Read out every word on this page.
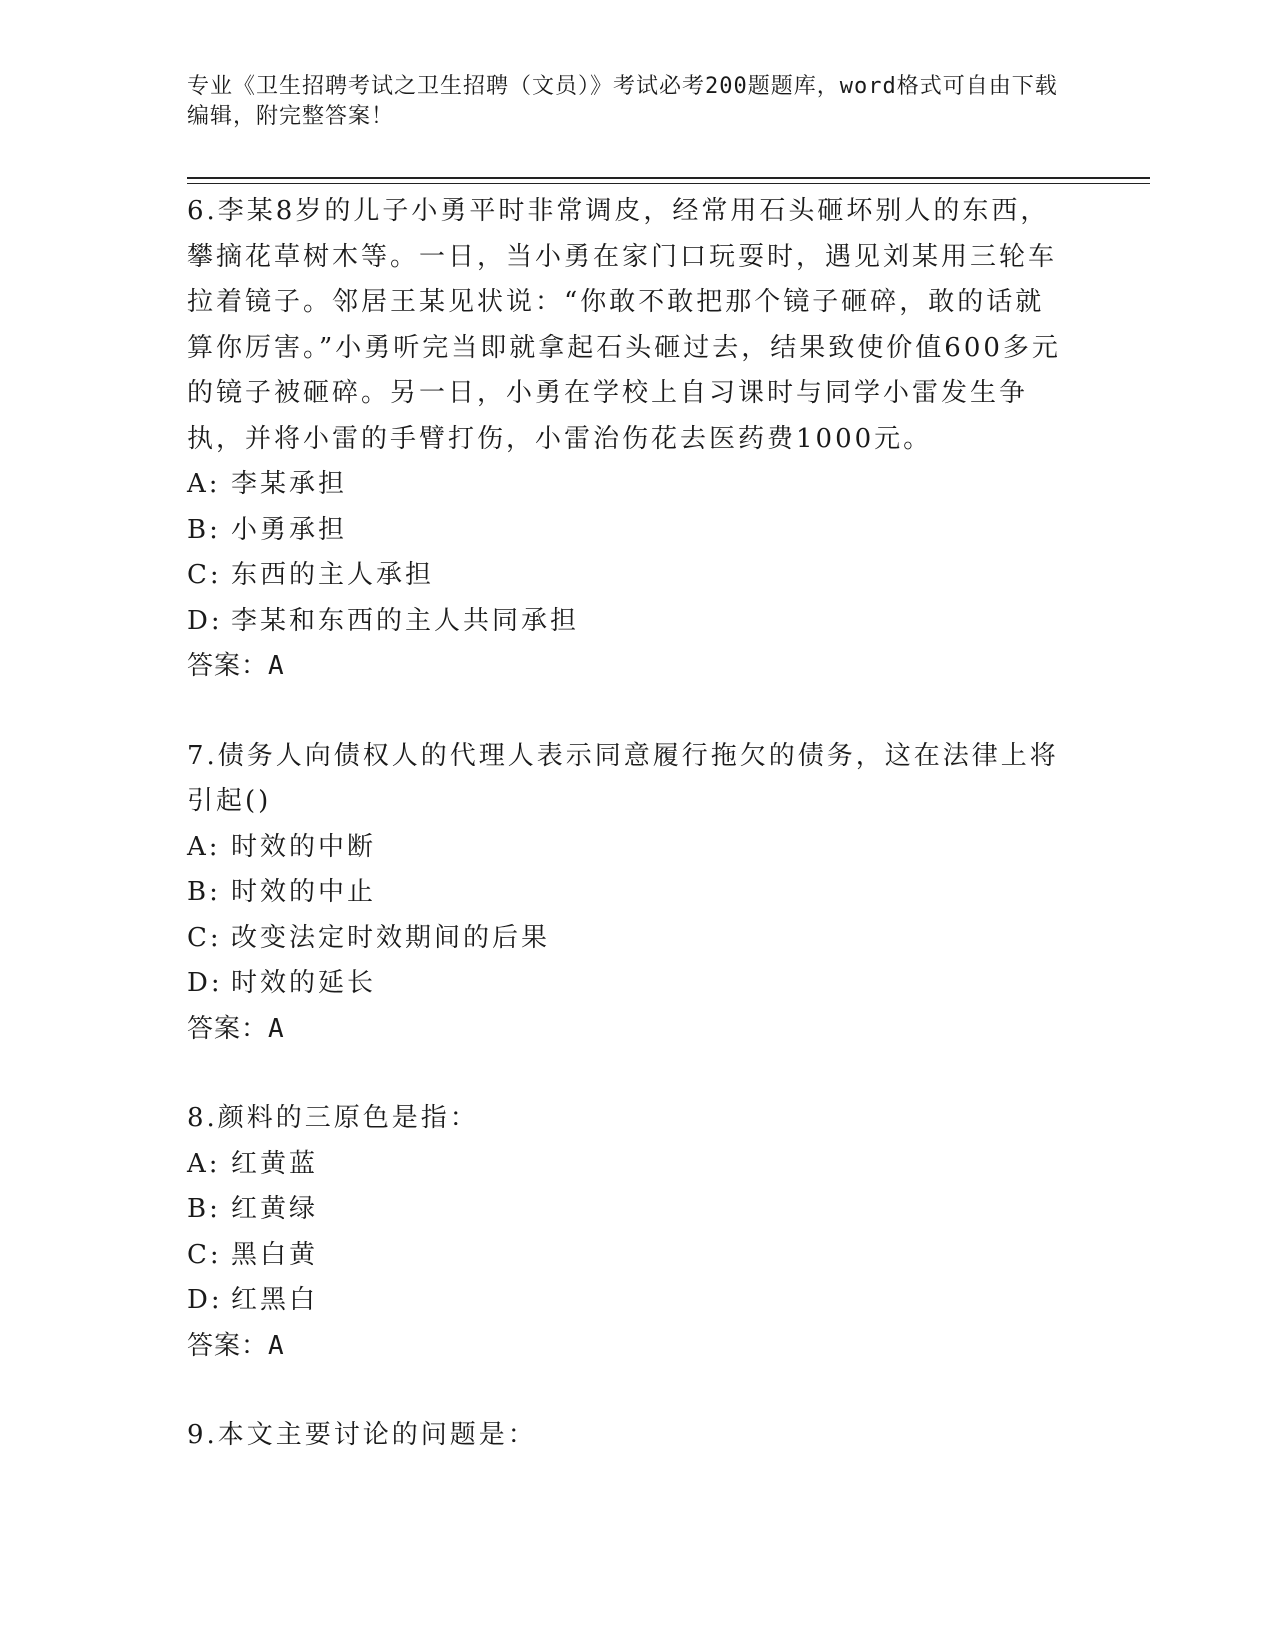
专业《卫生招聘考试之卫生招聘（文员）》考试必考200题题库，word格式可自由下载编辑，附完整答案！

6.李某8岁的儿子小勇平时非常调皮，经常用石头砸坏别人的东西，攀摘花草树木等。一日，当小勇在家门口玩耍时，遇见刘某用三轮车拉着镜子。邻居王某见状说：“你敢不敢把那个镜子砸碎，敢的话就算你厉害。”小勇听完当即就拿起石头砸过去，结果致使价值600多元的镜子被砸碎。另一日，小勇在学校上自习课时与同学小雷发生争执，并将小雷的手臂打伤，小雷治伤花去医药费1000元。

A: 李某承担

B: 小勇承担

C: 东西的主人承担

D: 李某和东西的主人共同承担

答案：A

7.债务人向债权人的代理人表示同意履行拖欠的债务，这在法律上将引起()

A: 时效的中断

B: 时效的中止

C: 改变法定时效期间的后果

D: 时效的延长

答案：A

8.颜料的三原色是指：

A: 红黄蓝

B: 红黄绿

C: 黑白黄

D: 红黑白

答案：A

9.本文主要讨论的问题是：
